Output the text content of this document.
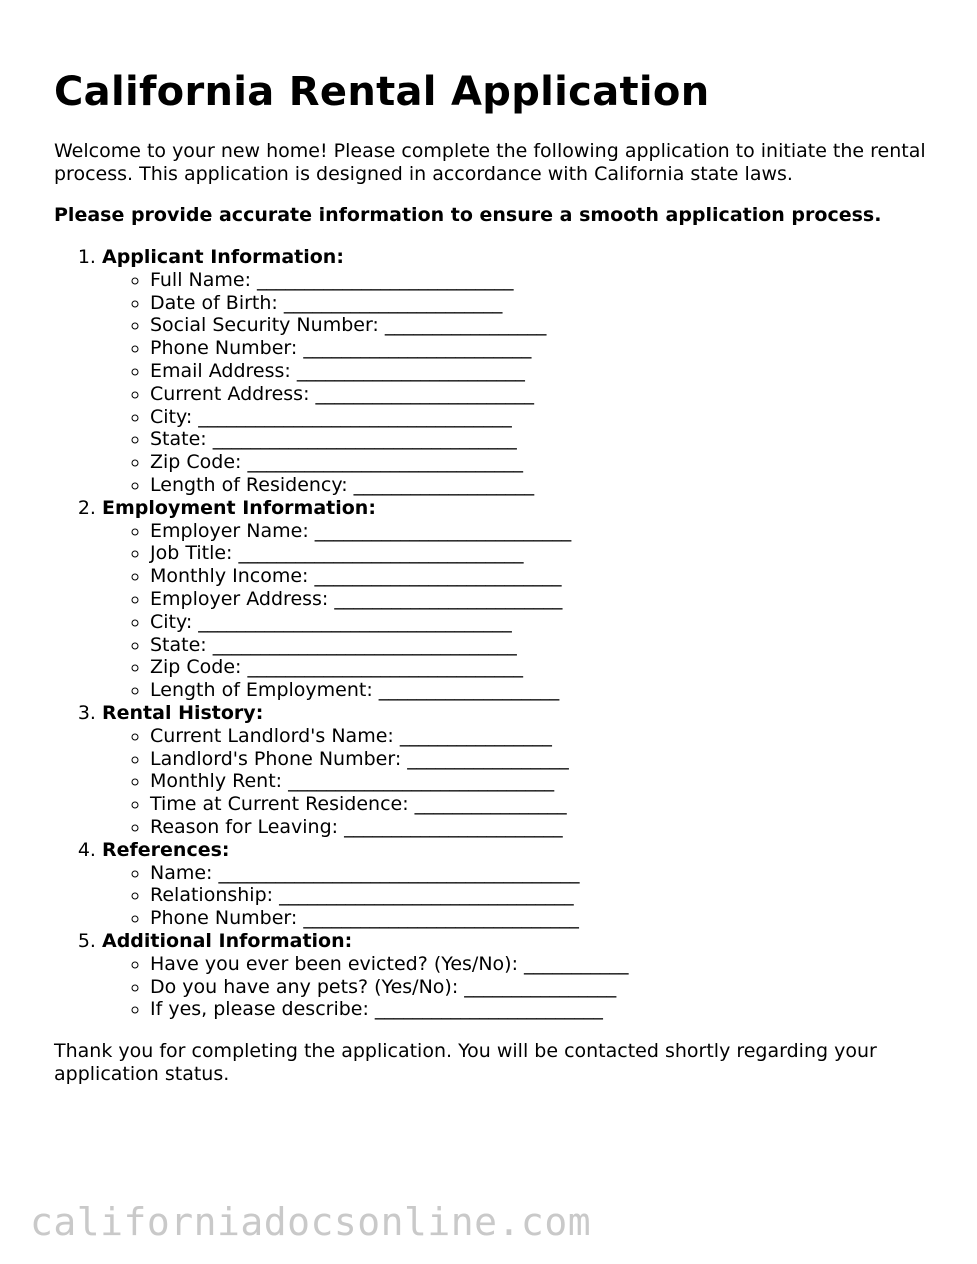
California Rental Application

Welcome to your new home! Please complete the following application to initiate the rental process. This application is designed in accordance with California state laws.

Please provide accurate information to ensure a smooth application process.

1. Applicant Information:
◦ Full Name: ___________________________
◦ Date of Birth: _______________________
◦ Social Security Number: _________________
◦ Phone Number: ________________________
◦ Email Address: ________________________
◦ Current Address: _______________________
◦ City: _________________________________
◦ State: ________________________________
◦ Zip Code: _____________________________
◦ Length of Residency: ___________________
2. Employment Information:
◦ Employer Name: ___________________________
◦ Job Title: ______________________________
◦ Monthly Income: __________________________
◦ Employer Address: ________________________
◦ City: _________________________________
◦ State: ________________________________
◦ Zip Code: _____________________________
◦ Length of Employment: ___________________
3. Rental History:
◦ Current Landlord's Name: ________________
◦ Landlord's Phone Number: _________________
◦ Monthly Rent: ____________________________
◦ Time at Current Residence: ________________
◦ Reason for Leaving: _______________________
4. References:
◦ Name: ______________________________________
◦ Relationship: _______________________________
◦ Phone Number: _____________________________
5. Additional Information:
◦ Have you ever been evicted? (Yes/No): ___________
◦ Do you have any pets? (Yes/No): ________________
◦ If yes, please describe: ________________________

Thank you for completing the application. You will be contacted shortly regarding your application status.

californiadocsonline.com
